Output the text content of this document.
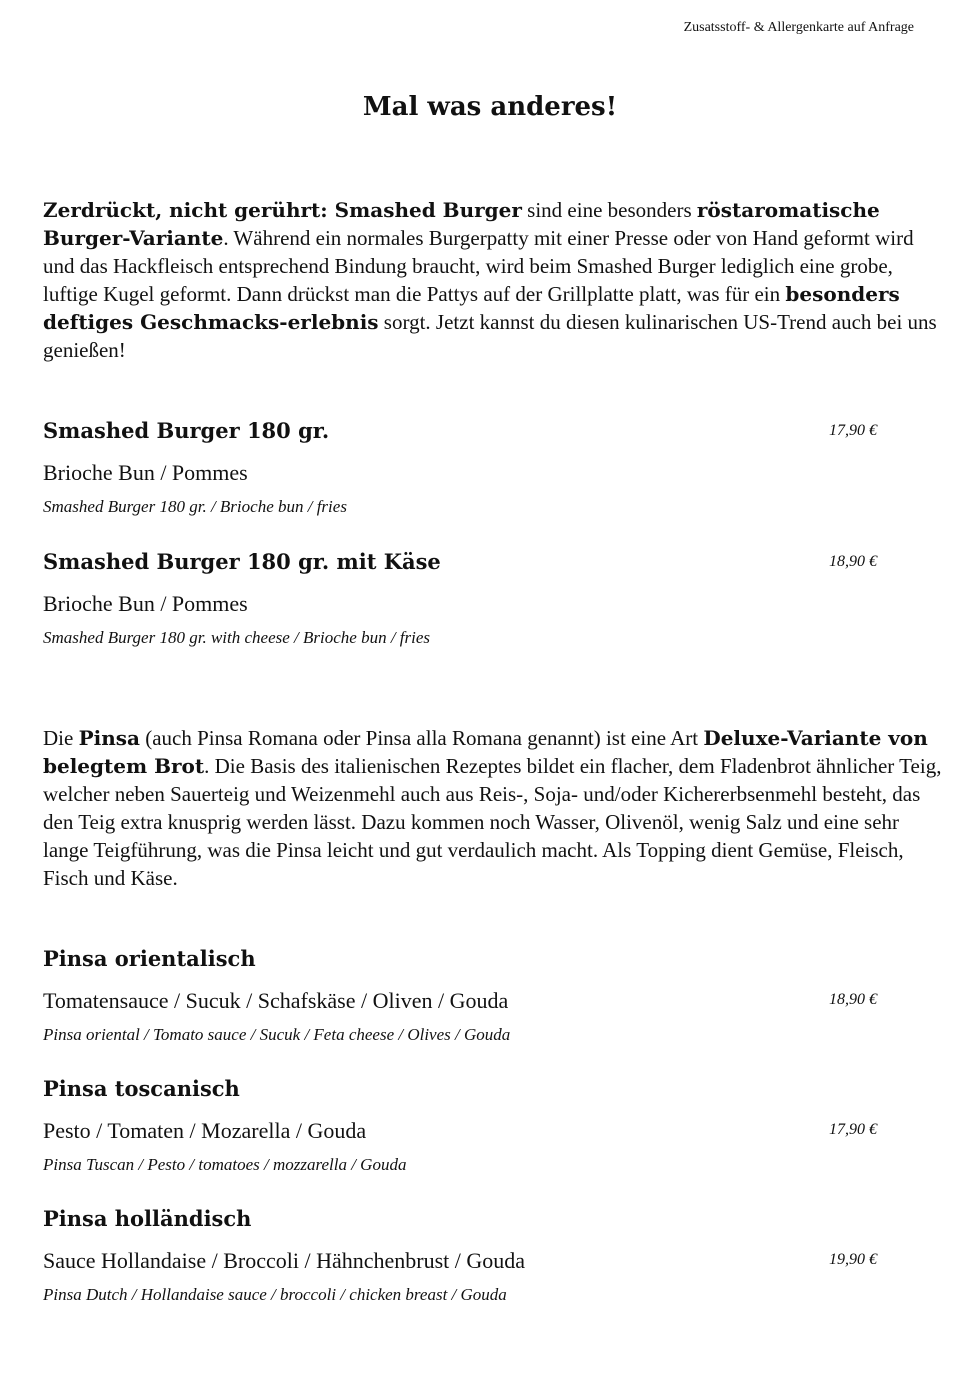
Zusatsstoff- & Allergenkarte auf Anfrage
Mal was anderes!

Zerdrückt, nicht gerührt: Smashed Burger sind eine besonders röstaromatische Burger-Variante. Während ein normales Burgerpatty mit einer Presse oder von Hand geformt wird und das Hackfleisch entsprechend Bindung braucht, wird beim Smashed Burger lediglich eine grobe, luftige Kugel geformt. Dann drückst man die Pattys auf der Grillplatte platt, was für ein besonders deftiges Geschmacks-erlebnis sorgt. Jetzt kannst du diesen kulinarischen US-Trend auch bei uns genießen!

Smashed Burger 180 gr.
Brioche Bun / Pommes
Smashed Burger 180 gr. / Brioche bun / fries
17,90 €
Smashed Burger 180 gr. mit Käse
Brioche Bun / Pommes
Smashed Burger 180 gr. with cheese / Brioche bun / fries
18,90 €

Die Pinsa (auch Pinsa Romana oder Pinsa alla Romana genannt) ist eine Art Deluxe-Variante von belegtem Brot. Die Basis des italienischen Rezeptes bildet ein flacher, dem Fladenbrot ähnlicher Teig, welcher neben Sauerteig und Weizenmehl auch aus Reis-, Soja- und/oder Kichererbsenmehl besteht, das den Teig extra knusprig werden lässt. Dazu kommen noch Wasser, Olivenöl, wenig Salz und eine sehr lange Teigführung, was die Pinsa leicht und gut verdaulich macht. Als Topping dient Gemüse, Fleisch, Fisch und Käse.

Pinsa orientalisch
Tomatensauce / Sucuk / Schafskäse / Oliven / Gouda
Pinsa oriental / Tomato sauce / Sucuk / Feta cheese / Olives / Gouda
18,90 €
Pinsa toscanisch
Pesto / Tomaten / Mozarella / Gouda
Pinsa Tuscan / Pesto / tomatoes / mozzarella / Gouda
17,90 €
Pinsa holländisch
Sauce Hollandaise / Broccoli / Hähnchenbrust / Gouda
Pinsa Dutch / Hollandaise sauce / broccoli / chicken breast / Gouda
19,90 €
